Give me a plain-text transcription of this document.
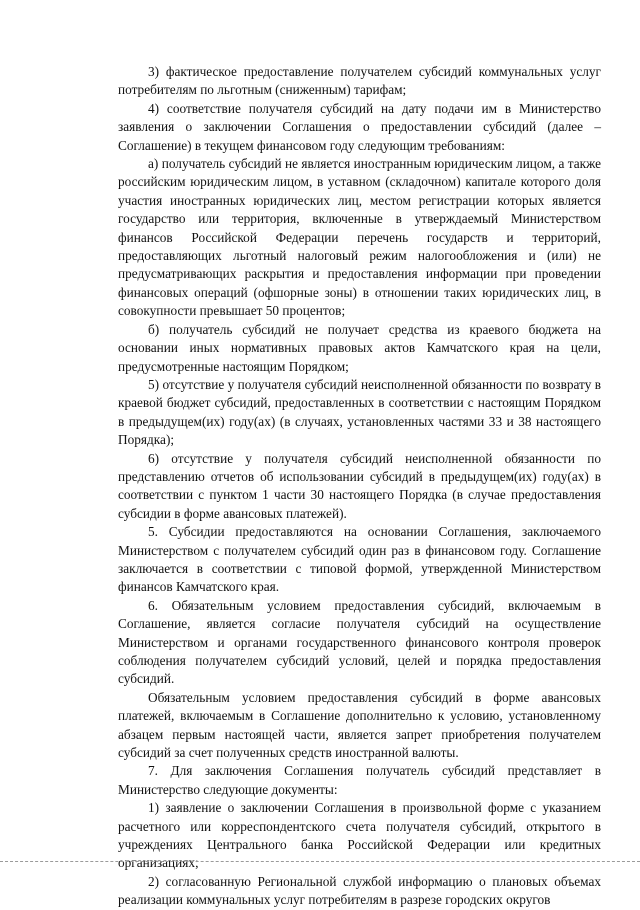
3) фактическое предоставление получателем субсидий коммунальных услуг потребителям по льготным (сниженным) тарифам;

4) соответствие получателя субсидий на дату подачи им в Министерство заявления о заключении Соглашения о предоставлении субсидий (далее – Соглашение) в текущем финансовом году следующим требованиям:

а) получатель субсидий не является иностранным юридическим лицом, а также российским юридическим лицом, в уставном (складочном) капитале которого доля участия иностранных юридических лиц, местом регистрации которых является государство или территория, включенные в утверждаемый Министерством финансов Российской Федерации перечень государств и территорий, предоставляющих льготный налоговый режим налогообложения и (или) не предусматривающих раскрытия и предоставления информации при проведении финансовых операций (офшорные зоны) в отношении таких юридических лиц, в совокупности превышает 50 процентов;

б) получатель субсидий не получает средства из краевого бюджета на основании иных нормативных правовых актов Камчатского края на цели, предусмотренные настоящим Порядком;

5) отсутствие у получателя субсидий неисполненной обязанности по возврату в краевой бюджет субсидий, предоставленных в соответствии с настоящим Порядком в предыдущем(их) году(ах) (в случаях, установленных частями 33 и 38 настоящего Порядка);

6) отсутствие у получателя субсидий неисполненной обязанности по представлению отчетов об использовании субсидий в предыдущем(их) году(ах) в соответствии с пунктом 1 части 30 настоящего Порядка (в случае предоставления субсидии в форме авансовых платежей).

5. Субсидии предоставляются на основании Соглашения, заключаемого Министерством с получателем субсидий один раз в финансовом году. Соглашение заключается в соответствии с типовой формой, утвержденной Министерством финансов Камчатского края.

6. Обязательным условием предоставления субсидий, включаемым в Соглашение, является согласие получателя субсидий на осуществление Министерством и органами государственного финансового контроля проверок соблюдения получателем субсидий условий, целей и порядка предоставления субсидий.

Обязательным условием предоставления субсидий в форме авансовых платежей, включаемым в Соглашение дополнительно к условию, установленному абзацем первым настоящей части, является запрет приобретения получателем субсидий за счет полученных средств иностранной валюты.

7. Для заключения Соглашения получатель субсидий представляет в Министерство следующие документы:

1) заявление о заключении Соглашения в произвольной форме с указанием расчетного или корреспондентского счета получателя субсидий, открытого в учреждениях Центрального банка Российской Федерации или кредитных организациях;

2) согласованную Региональной службой информацию о плановых объемах реализации коммунальных услуг потребителям в разрезе городских округов
